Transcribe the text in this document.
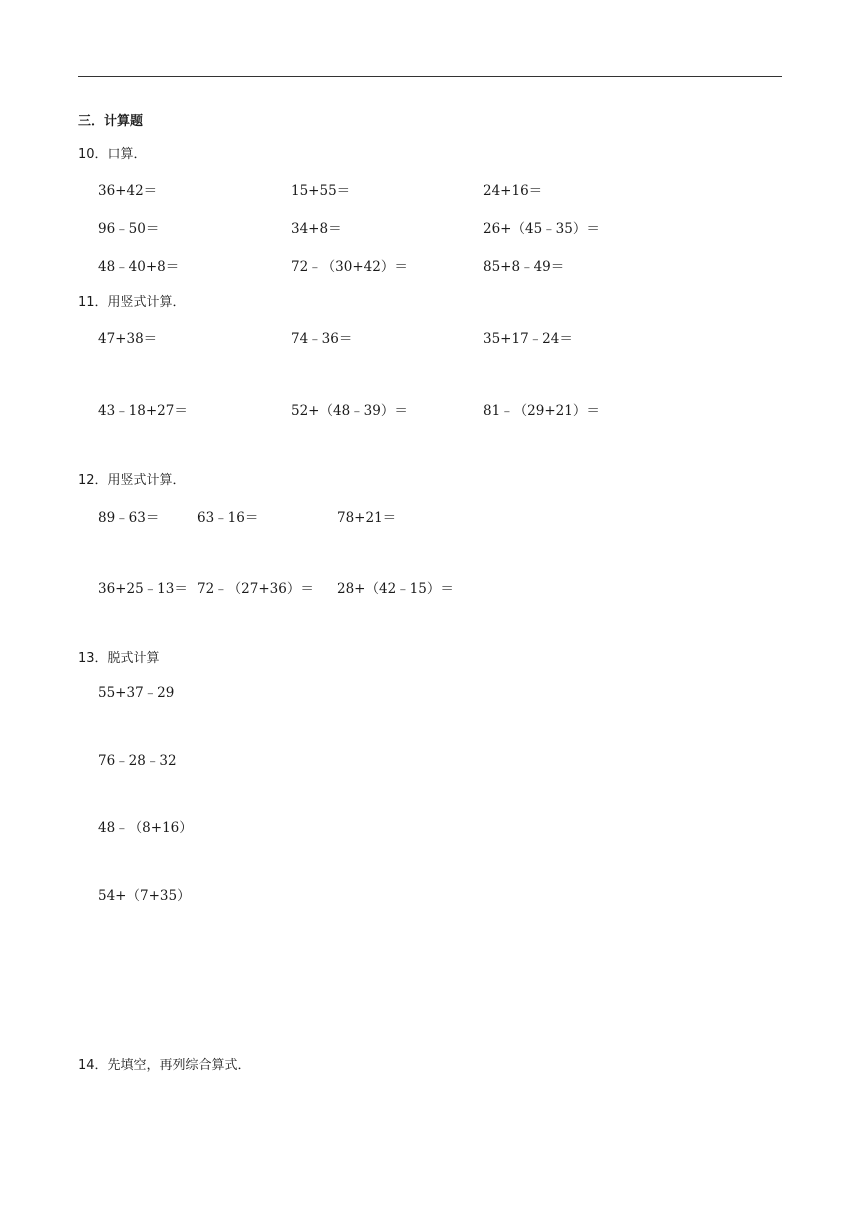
三．计算题
10．口算．
36+42＝	15+55＝	24+16＝
96﹣50＝	34+8＝	26+（45﹣35）＝
48﹣40+8＝	72﹣（30+42）＝	85+8﹣49＝
11．用竖式计算．
47+38＝	74﹣36＝	35+17﹣24＝
43﹣18+27＝	52+（48﹣39）＝	81﹣（29+21）＝
12．用竖式计算．
89﹣63＝	63﹣16＝	78+21＝
36+25﹣13＝ 72﹣（27+36）＝ 28+（42﹣15）＝
13．脱式计算
55+37﹣29
76﹣28﹣32
48﹣（8+16）
54+（7+35）
14．先填空，再列综合算式．
